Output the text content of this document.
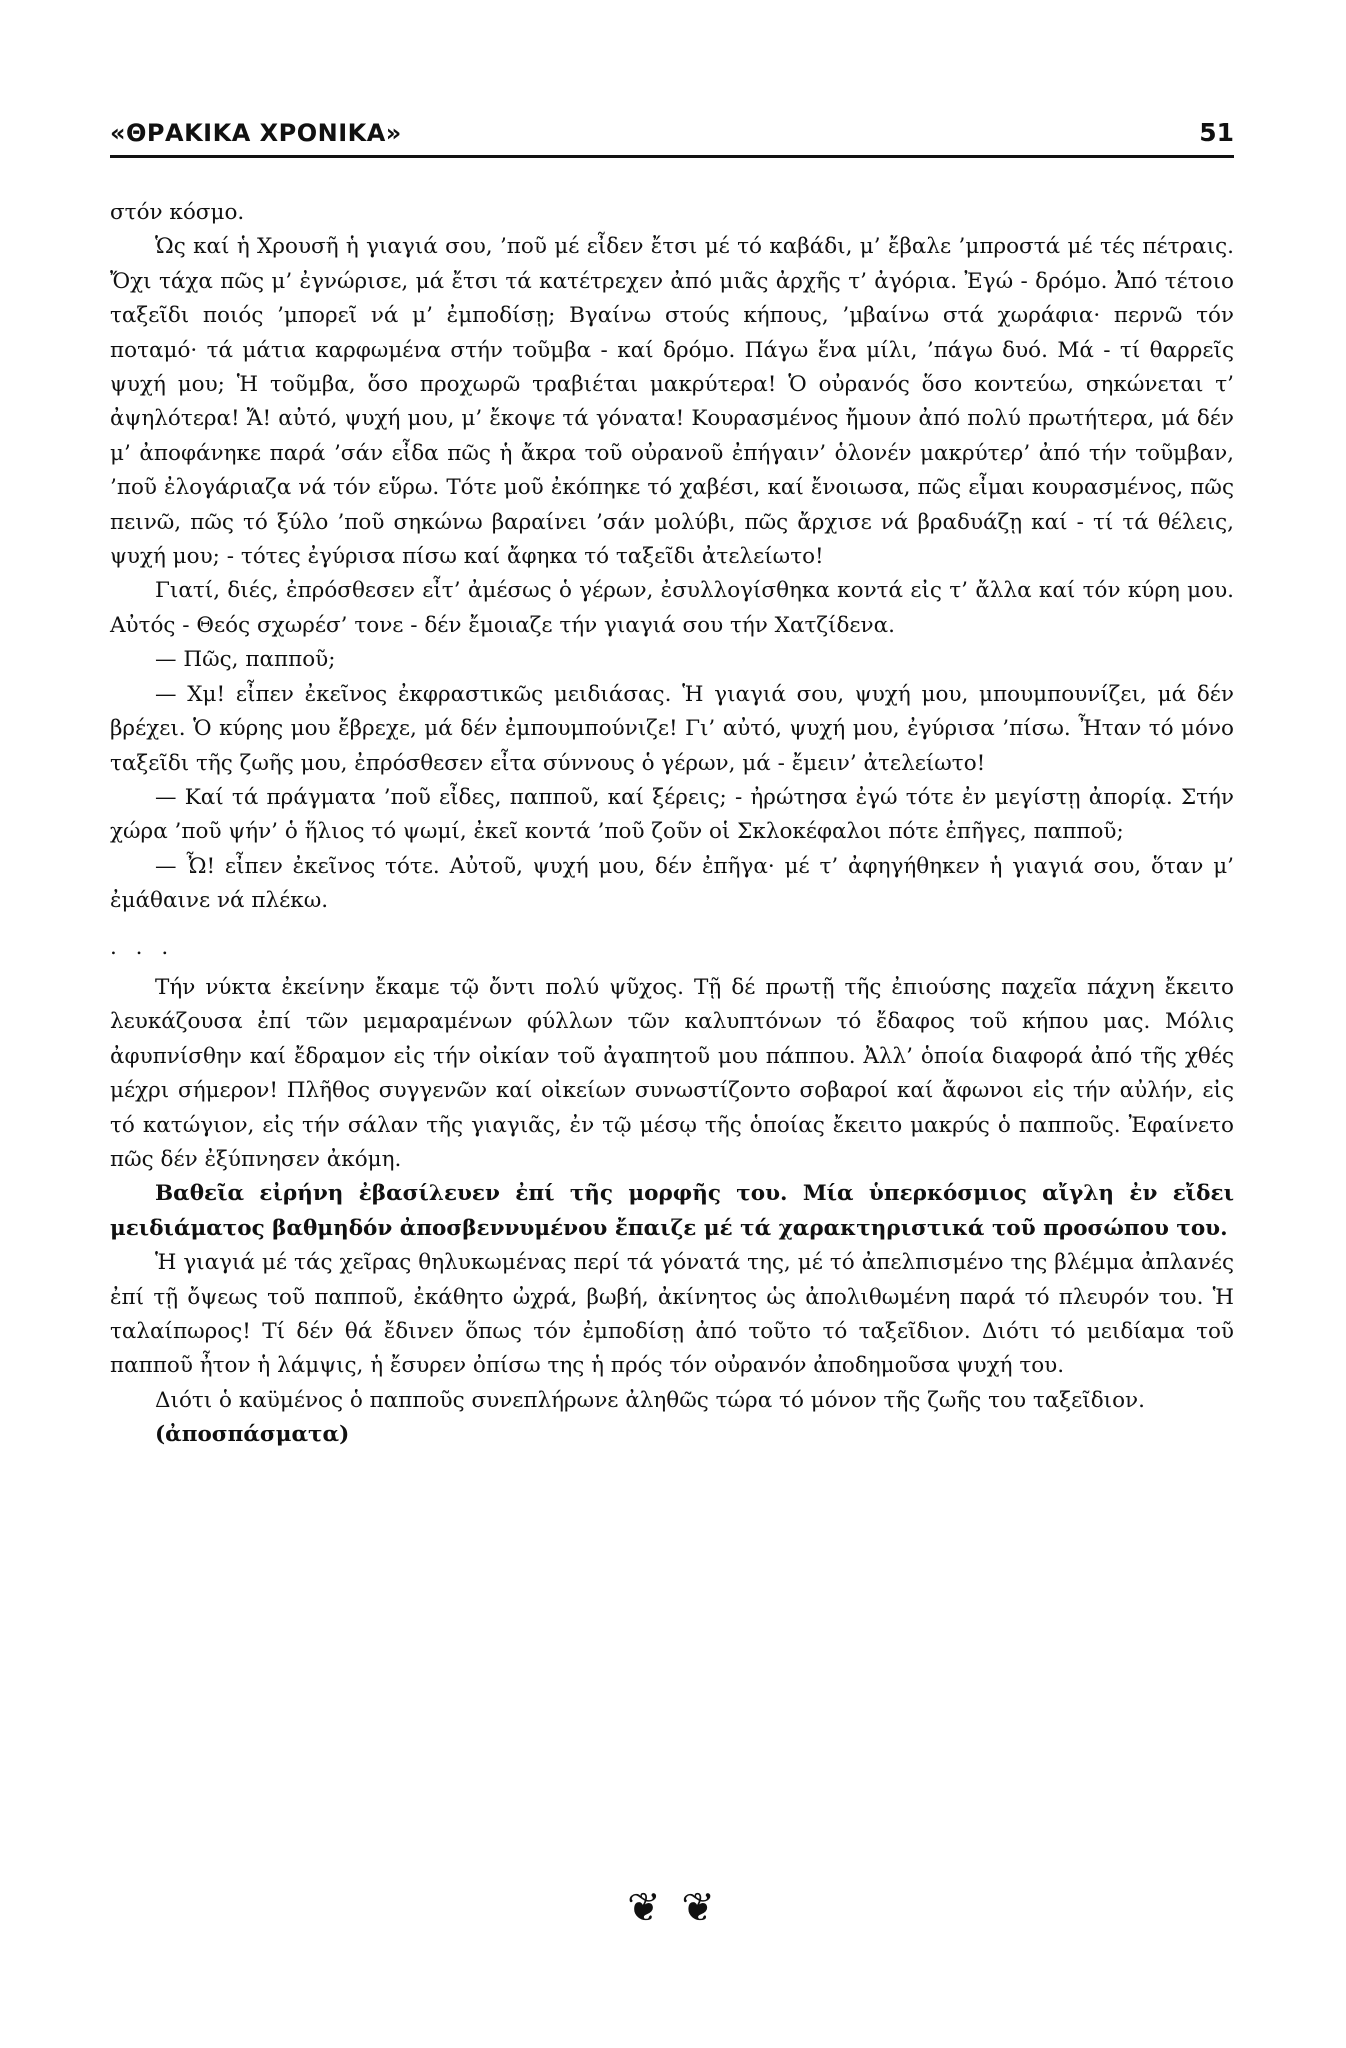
«ΘΡΑΚΙΚΑ ΧΡΟΝΙΚΑ»	51

στόν κόσμο.

Ὡς καί ἡ Χρουσῆ ἡ γιαγιά σου, ’ποῦ μέ εἶδεν ἔτσι μέ τό καβάδι, μ’ ἔβαλε ’μπροστά μέ τές πέτραις. Ὄχι τάχα πῶς μ’ ἐγνώρισε, μά ἔτσι τά κατέτρεχεν ἀπό μιᾶς ἀρχῆς τ’ ἀγόρια. Ἐγώ - δρόμο. Ἀπό τέτοιο ταξεῖδι ποιός ’μπορεῖ νά μ’ ἐμποδίσῃ; Βγαίνω στούς κήπους, ’μβαίνω στά χωράφια· περνῶ τόν ποταμό· τά μάτια καρφωμένα στήν τοῦμβα - καί δρόμο. Πάγω ἕνα μίλι, ’πάγω δυό. Μά - τί θαρρεῖς ψυχή μου; Ἡ τοῦμβα, ὅσο προχωρῶ τραβιέται μακρύτερα! Ὁ οὐρανός ὅσο κοντεύω, σηκώνεται τ’ ἀψηλότερα! Ἄ! αὐτό, ψυχή μου, μ’ ἔκοψε τά γόνατα! Κουρασμένος ἤμουν ἀπό πολύ πρωτήτερα, μά δέν μ’ ἀποφάνηκε παρά ’σάν εἶδα πῶς ἡ ἄκρα τοῦ οὐρανοῦ ἐπήγαιν’ ὁλονέν μακρύτερ’ ἀπό τήν τοῦμβαν, ’ποῦ ἐλογάριαζα νά τόν εὕρω. Τότε μοῦ ἐκόπηκε τό χαβέσι, καί ἔνοιωσα, πῶς εἶμαι κουρασμένος, πῶς πεινῶ, πῶς τό ξύλο ’ποῦ σηκώνω βαραίνει ’σάν μολύβι, πῶς ἄρχισε νά βραδυάζῃ καί - τί τά θέλεις, ψυχή μου; - τότες ἐγύρισα πίσω καί ἄφηκα τό ταξεῖδι ἀτελείωτο!

Γιατί, διές, ἐπρόσθεσεν εἶτ’ ἀμέσως ὁ γέρων, ἐσυλλογίσθηκα κοντά εἰς τ’ ἄλλα καί τόν κύρη μου. Αὐτός - Θεός σχωρέσ’ τονε - δέν ἔμοιαζε τήν γιαγιά σου τήν Χατζίδενα.

— Πῶς, παπποῦ;

— Χμ! εἶπεν ἐκεῖνος ἐκφραστικῶς μειδιάσας. Ἡ γιαγιά σου, ψυχή μου, μπουμπουνίζει, μά δέν βρέχει. Ὁ κύρης μου ἔβρεχε, μά δέν ἐμπουμπούνιζε! Γι’ αὐτό, ψυχή μου, ἐγύρισα ’πίσω. Ἦταν τό μόνο ταξεῖδι τῆς ζωῆς μου, ἐπρόσθεσεν εἶτα σύννους ὁ γέρων, μά - ἔμειν’ ἀτελείωτο!

— Καί τά πράγματα ’ποῦ εἶδες, παπποῦ, καί ξέρεις; - ἠρώτησα ἐγώ τότε ἐν μεγίστῃ ἀπορίᾳ. Στήν χώρα ’ποῦ ψήν’ ὁ ἥλιος τό ψωμί, ἐκεῖ κοντά ’ποῦ ζοῦν οἱ Σκλοκέφαλοι πότε ἐπῆγες, παπποῦ;

— Ὦ! εἶπεν ἐκεῖνος τότε. Αὐτοῦ, ψυχή μου, δέν ἐπῆγα· μέ τ’ ἀφηγήθηκεν ἡ γιαγιά σου, ὅταν μ’ ἐμάθαινε νά πλέκω.

. . .

Τήν νύκτα ἐκείνην ἔκαμε τῷ ὄντι πολύ ψῦχος. Τῇ δέ πρωτῇ τῆς ἐπιούσης παχεῖα πάχνη ἔκειτο λευκάζουσα ἐπί τῶν μεμαραμένων φύλλων τῶν καλυπτόνων τό ἔδαφος τοῦ κήπου μας. Μόλις ἀφυπνίσθην καί ἔδραμον εἰς τήν οἰκίαν τοῦ ἀγαπητοῦ μου πάππου. Ἀλλ’ ὁποία διαφορά ἀπό τῆς χθές μέχρι σήμερον! Πλῆθος συγγενῶν καί οἰκείων συνωστίζοντο σοβαροί καί ἄφωνοι εἰς τήν αὐλήν, εἰς τό κατώγιον, εἰς τήν σάλαν τῆς γιαγιᾶς, ἐν τῷ μέσῳ τῆς ὁποίας ἔκειτο μακρύς ὁ παπποῦς. Ἐφαίνετο πῶς δέν ἐξύπνησεν ἀκόμη.

Βαθεῖα εἰρήνη ἐβασίλευεν ἐπί τῆς μορφῆς του. Μία ὑπερκόσμιος αἴγλη ἐν εἴδει μειδιάματος βαθμηδόν ἀποσβεννυμένου ἔπαιζε μέ τά χαρακτηριστικά τοῦ προσώπου του.

Ἡ γιαγιά μέ τάς χεῖρας θηλυκωμένας περί τά γόνατά της, μέ τό ἀπελπισμένο της βλέμμα ἀπλανές ἐπί τῇ ὄψεως τοῦ παπποῦ, ἐκάθητο ὠχρά, βωβή, ἀκίνητος ὡς ἀπολιθωμένη παρά τό πλευρόν του. Ἡ ταλαίπωρος! Τί δέν θά ἔδινεν ὅπως τόν ἐμποδίσῃ ἀπό τοῦτο τό ταξεῖδιον. Διότι τό μειδίαμα τοῦ παπποῦ ἦτον ἡ λάμψις, ἡ ἔσυρεν ὀπίσω της ἡ πρός τόν οὐρανόν ἀποδημοῦσα ψυχή του.

Διότι ὁ καϋμένος ὁ παπποῦς συνεπλήρωνε ἀληθῶς τώρα τό μόνον τῆς ζωῆς του ταξεῖδιον.

(ἀποσπάσματα)

❦ ❦
